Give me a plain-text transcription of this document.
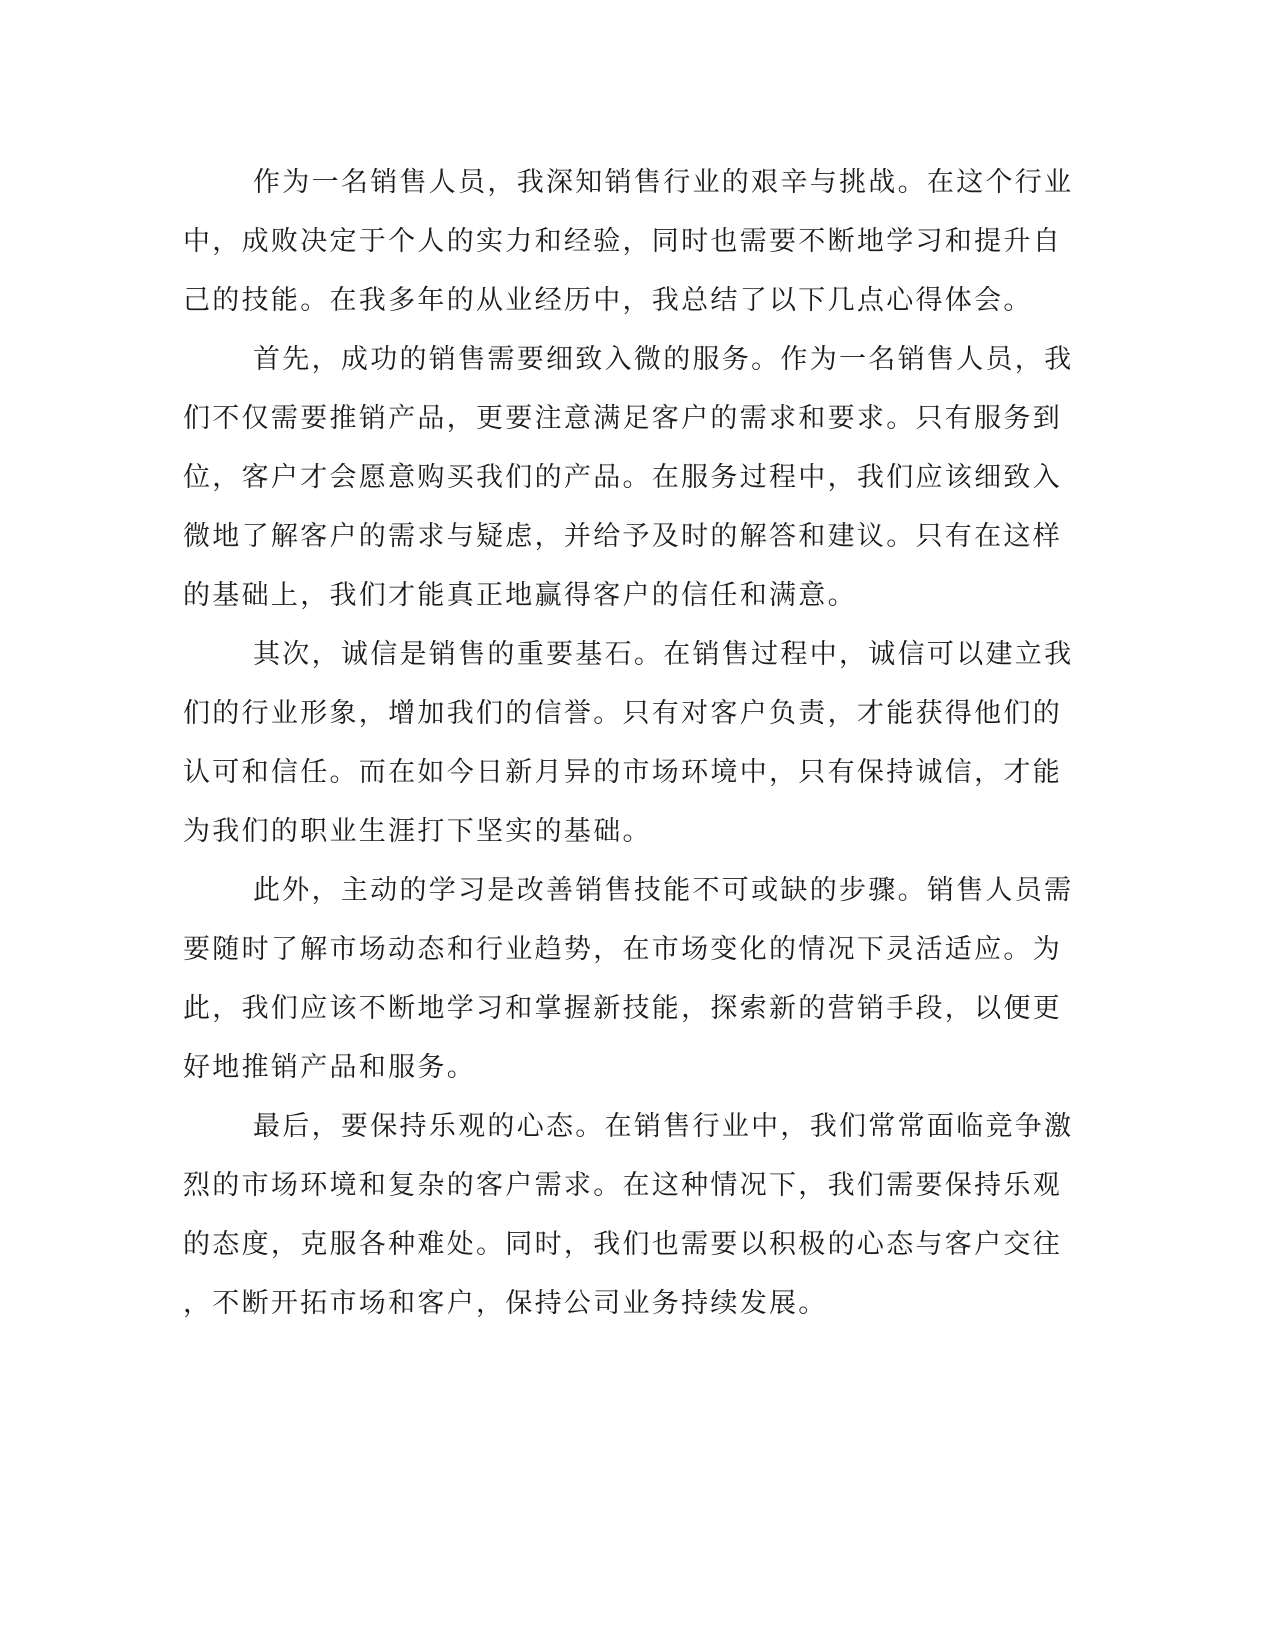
作为一名销售人员，我深知销售行业的艰辛与挑战。在这个行业
中，成败决定于个人的实力和经验，同时也需要不断地学习和提升自
己的技能。在我多年的从业经历中，我总结了以下几点心得体会。
首先，成功的销售需要细致入微的服务。作为一名销售人员，我
们不仅需要推销产品，更要注意满足客户的需求和要求。只有服务到
位，客户才会愿意购买我们的产品。在服务过程中，我们应该细致入
微地了解客户的需求与疑虑，并给予及时的解答和建议。只有在这样
的基础上，我们才能真正地赢得客户的信任和满意。
其次，诚信是销售的重要基石。在销售过程中，诚信可以建立我
们的行业形象，增加我们的信誉。只有对客户负责，才能获得他们的
认可和信任。而在如今日新月异的市场环境中，只有保持诚信，才能
为我们的职业生涯打下坚实的基础。
此外，主动的学习是改善销售技能不可或缺的步骤。销售人员需
要随时了解市场动态和行业趋势，在市场变化的情况下灵活适应。为
此，我们应该不断地学习和掌握新技能，探索新的营销手段，以便更
好地推销产品和服务。
最后，要保持乐观的心态。在销售行业中，我们常常面临竞争激
烈的市场环境和复杂的客户需求。在这种情况下，我们需要保持乐观
的态度，克服各种难处。同时，我们也需要以积极的心态与客户交往
，不断开拓市场和客户，保持公司业务持续发展。
